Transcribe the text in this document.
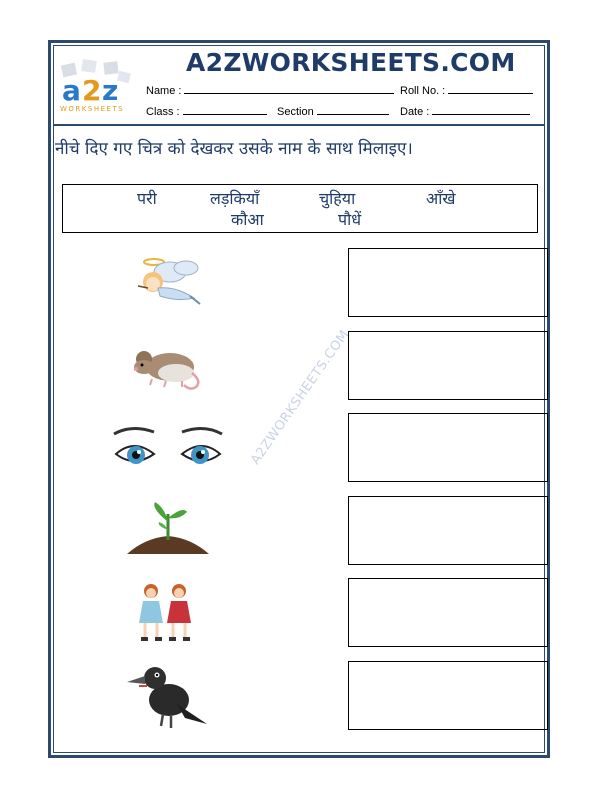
a 2 z
WORKSHEETS
A2ZWORKSHEETS.COM
Name :	Roll No. :
Class :	Section	Date :
नीचे दिए गए चित्र को देखकर उसके नाम के साथ मिलाइए।
परी	लड़कियाँ	चुहिया	आँखे
कौआ	पौधें
A2ZWORKSHEETS.COM
